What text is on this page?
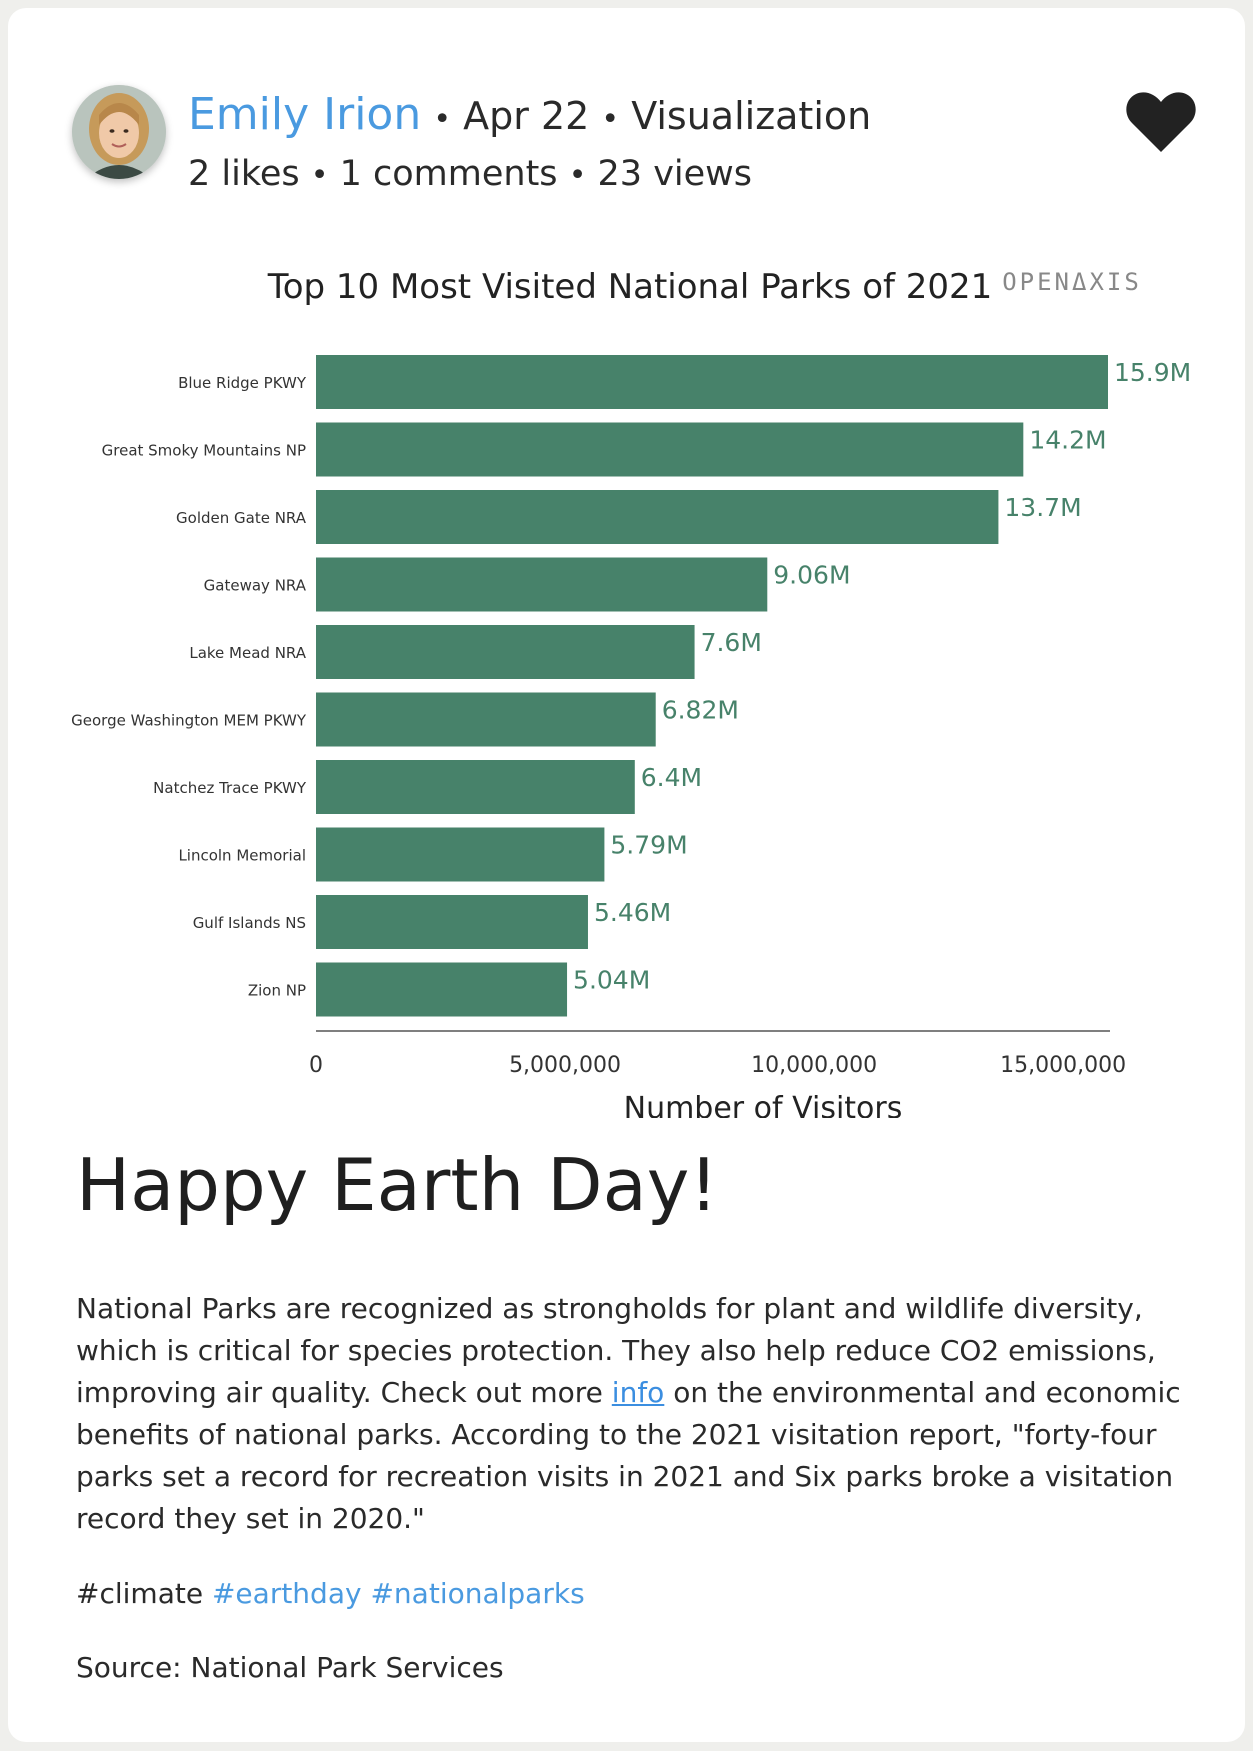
Emily Irion • Apr 22 • Visualization
2 likes • 1 comments • 23 views
Top 10 Most Visited National Parks of 2021 OPENΔXIS
Blue Ridge PKWY	15.9M
Great Smoky Mountains NP	14.2M
Golden Gate NRA	13.7M
Gateway NRA	9.06M
Lake Mead NRA	7.6M
George Washington MEM PKWY	6.82M
Natchez Trace PKWY	6.4M
Lincoln Memorial	5.79M
Gulf Islands NS	5.46M
Zion NP	5.04M
0	5,000,000	10,000,000	15,000,000
Number of Visitors
Happy Earth Day!

National Parks are recognized as strongholds for plant and wildlife diversity, which is critical for species protection. They also help reduce CO2 emissions, improving air quality. Check out more info on the environmental and economic benefits of national parks. According to the 2021 visitation report, "forty-four parks set a record for recreation visits in 2021 and Six parks broke a visitation record they set in 2020."

#climate #earthday #nationalparks
Source: National Park Services
